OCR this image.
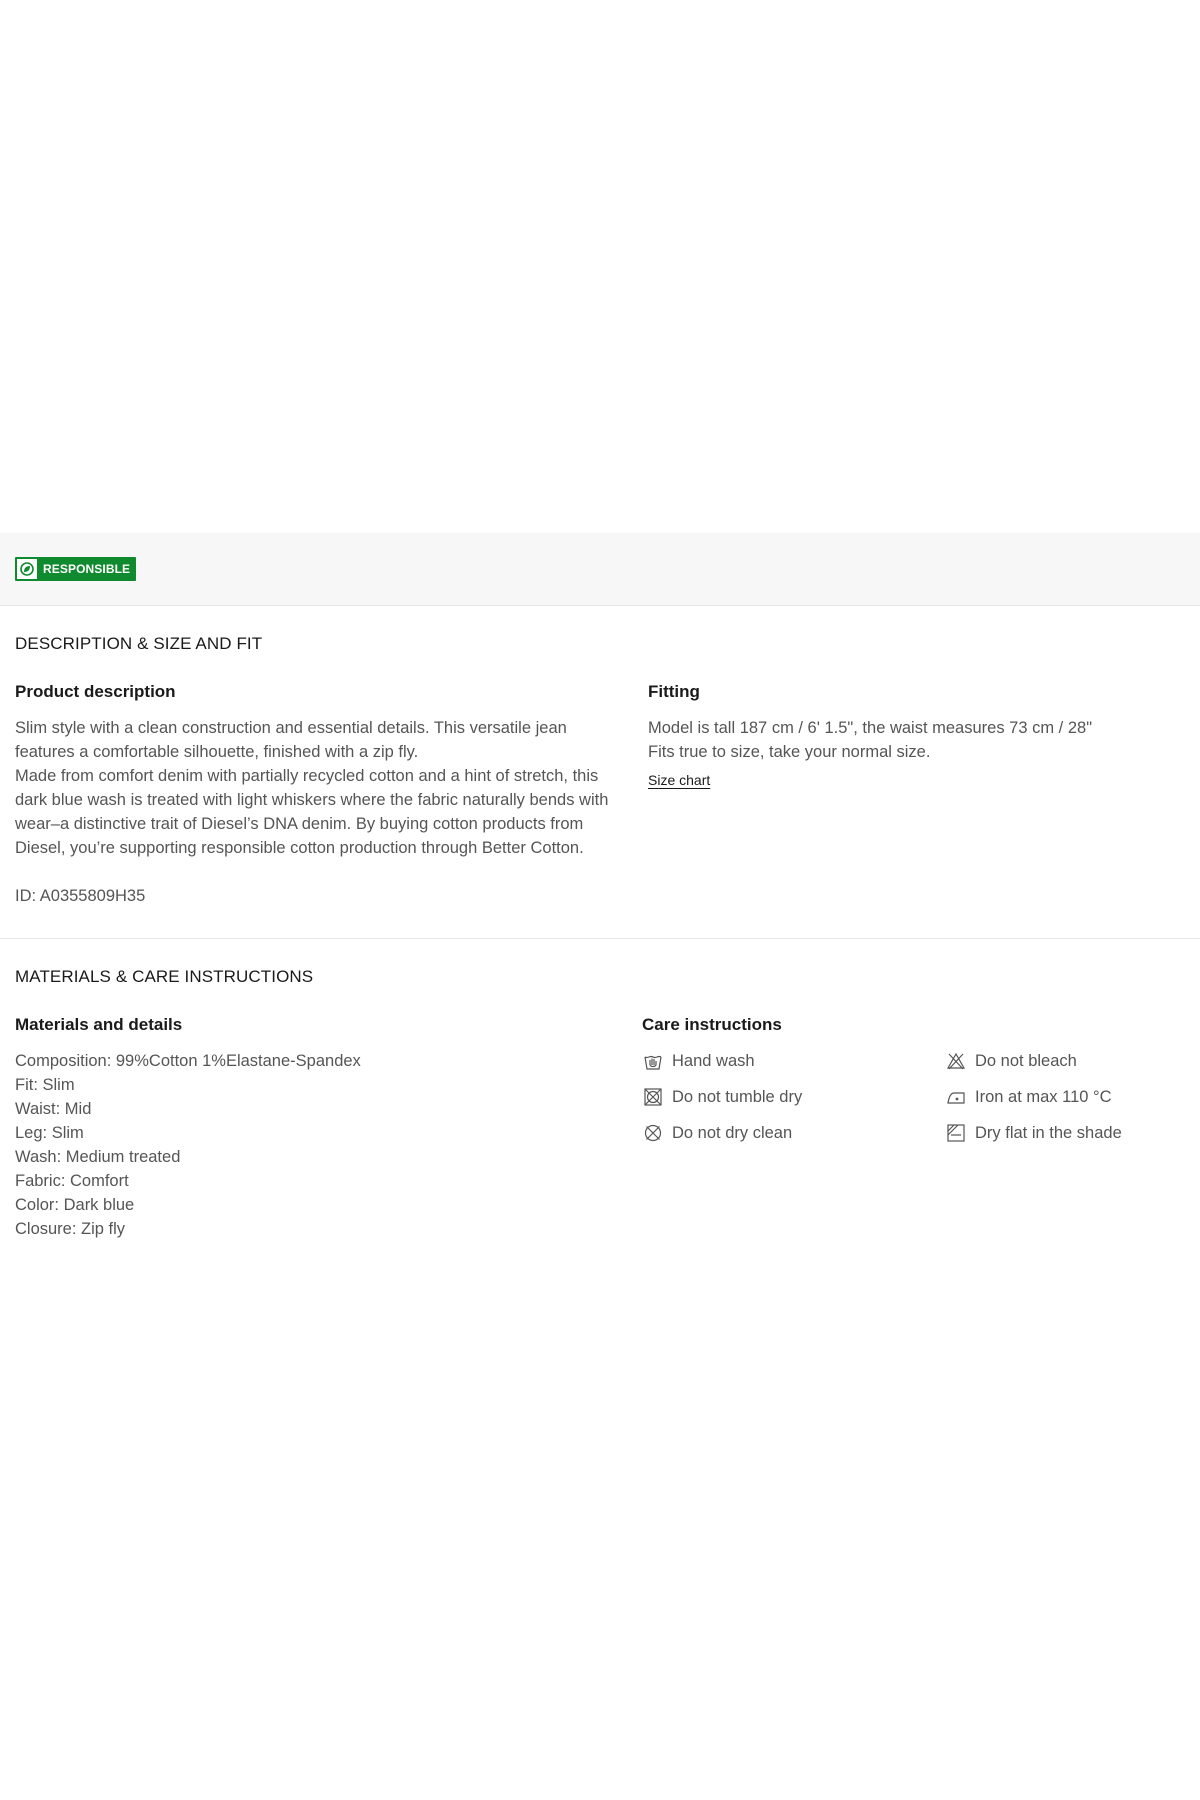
RESPONSIBLE
DESCRIPTION & SIZE AND FIT
Product description

Slim style with a clean construction and essential details. This versatile jean features a comfortable silhouette, finished with a zip fly.

Made from comfort denim with partially recycled cotton and a hint of stretch, this dark blue wash is treated with light whiskers where the fabric naturally bends with wear–a distinctive trait of Diesel’s DNA denim. By buying cotton products from Diesel, you’re supporting responsible cotton production through Better Cotton.

ID: A0355809H35

Fitting

Model is tall 187 cm / 6' 1.5", the waist measures 73 cm / 28"

Fits true to size, take your normal size.

Size chart
MATERIALS & CARE INSTRUCTIONS
Materials and details
Composition: 99%Cotton 1%Elastane-Spandex
Fit: Slim
Waist: Mid
Leg: Slim
Wash: Medium treated
Fabric: Comfort
Color: Dark blue
Closure: Zip fly
Care instructions
Hand wash	Do not bleach
Do not tumble dry	Iron at max 110 °C
Do not dry clean	Dry flat in the shade
